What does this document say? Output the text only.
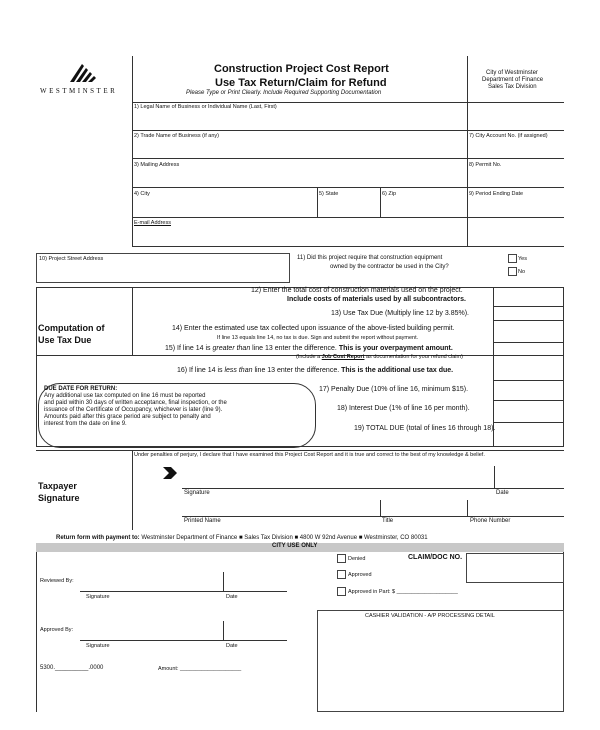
WESTMINSTER
Construction Project Cost Report
Use Tax Return/Claim for Refund
Please Type or Print Clearly. Include Required Supporting Documentation
City of Westminster
Department of Finance
Sales Tax Division
1) Legal Name of Business or Individual Name (Last, First)
2) Trade Name of Business (if any)
3) Mailing Address
4) City	5) State	6) Zip
7) City Account No. (if assigned)
8) Permit No.
9) Period Ending Date
E-mail Address
10) Project Street Address	11) Did this project require that construction equipment
owned by the contractor be used in the City?
Yes
No
Computation of
Use Tax Due
12) Enter the total cost of construction materials used on the project.
Include costs of materials used by all subcontractors.
13) Use Tax Due (Multiply line 12 by 3.85%).
14) Enter the estimated use tax collected upon issuance of the above-listed building permit.
If line 13 equals line 14, no tax is due. Sign and submit the report without payment.
15) If line 14 is greater than line 13 enter the difference. This is your overpayment amount.
(Include a Job Cost Report as documentation for your refund claim)
16) If line 14 is less than line 13 enter the difference. This is the additional use tax due.
DUE DATE FOR RETURN:
Any additional use tax computed on line 16 must be reported
and paid within 30 days of written acceptance, final inspection, or the
issuance of the Certificate of Occupancy, whichever is later (line 9).
Amounts paid after this grace period are subject to penalty and
interest from the date on line 9.
17) Penalty Due (10% of line 16, minimum $15).
18) Interest Due (1% of line 16 per month).
19) TOTAL DUE (total of lines 16 through 18).
Taxpayer
Signature
Under penalties of perjury, I declare that I have examined this Project Cost Report and it is true and correct to the best of my knowledge & belief.
Signature	Date
Printed Name	Title	Phone Number
Return form with payment to: Westminster Department of Finance ■ Sales Tax Division ■ 4800 W 92nd Avenue ■ Westminster, CO 80031
CITY USE ONLY
Denied
Approved
Approved in Part: $ ____________________
CLAIM/DOC NO.
Reviewed By:
Signature	Date
Approved By:
Signature	Date
CASHIER VALIDATION - A/P PROCESSING DETAIL
5300.__________.0000	Amount: ____________________
